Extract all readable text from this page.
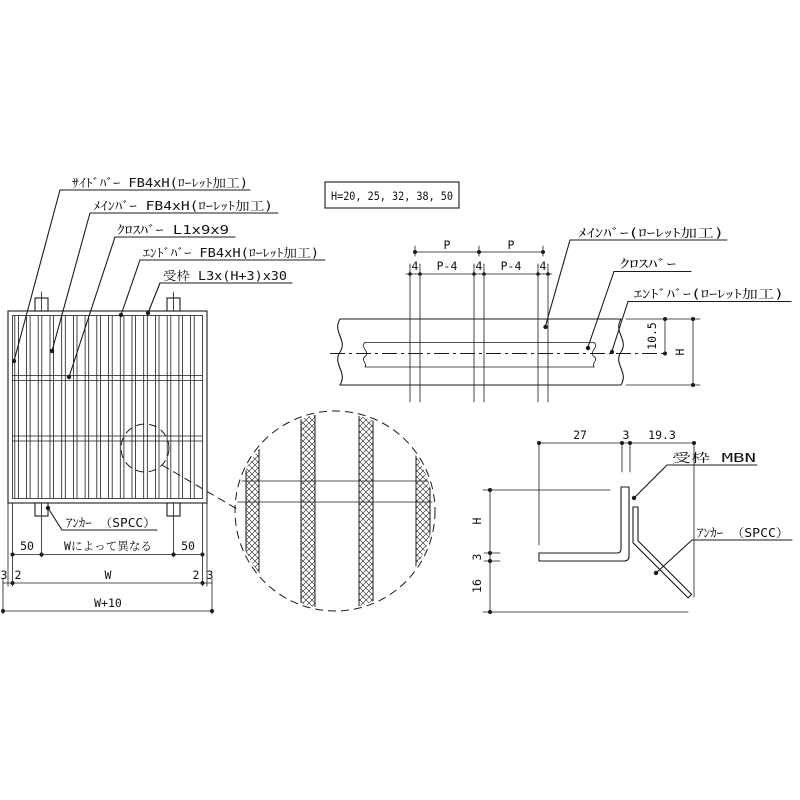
ｻｲﾄﾞﾊﾞｰ FB4xH(ﾛｰﾚｯﾄ加工)
ﾒｲﾝﾊﾞｰ FB4xH(ﾛｰﾚｯﾄ加工)
ｸﾛｽﾊﾞｰ L1x9x9
ｴﾝﾄﾞﾊﾞｰ FB4xH(ﾛｰﾚｯﾄ加工)
受枠 L3x(H+3)x30
H=20, 25, 32, 38, 50
P	P
4 P-4 4 P-4 4
10.5
H
ﾒｲﾝﾊﾞｰ(ﾛｰﾚｯﾄ加工)
ｸﾛｽﾊﾞｰ
ｴﾝﾄﾞﾊﾞｰ(ﾛｰﾚｯﾄ加工)
ｱﾝｶｰ （SPCC）
50	Wによって異なる	50
3 2	W	2 3
W+10
27	3 19.3
H
3
16
受枠 MBN
ｱﾝｶｰ （SPCC）
